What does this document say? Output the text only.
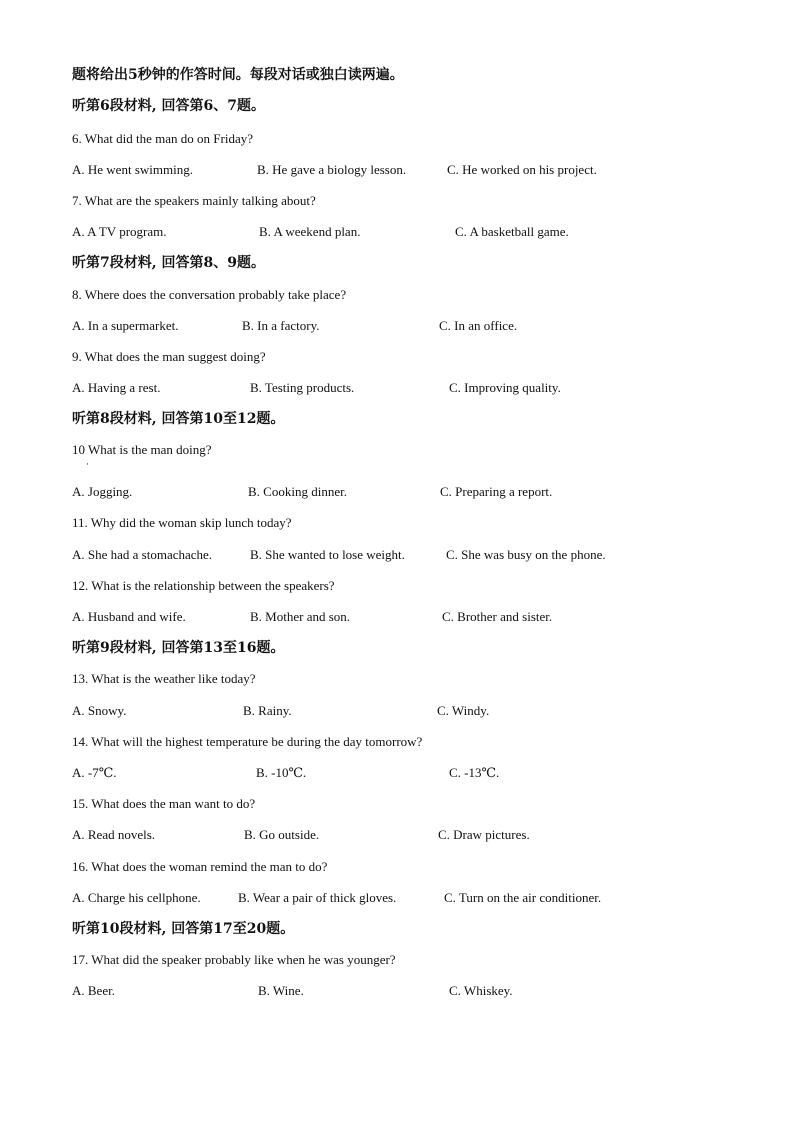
题将给出5秒钟的作答时间。每段对话或独白读两遍。
听第6段材料, 回答第6、7题。
6. What did the man do on Friday?
A. He went swimming.	B. He gave a biology lesson.	C. He worked on his project.
7. What are the speakers mainly talking about?
A. A TV program.	B. A weekend plan.	C. A basketball game.
听第7段材料, 回答第8、9题。
8. Where does the conversation probably take place?
A. In a supermarket.	B. In a factory.	C. In an office.
9. What does the man suggest doing?
A. Having a rest.	B. Testing products.	C. Improving quality.
听第8段材料, 回答第10至12题。
10 What is the man doing?
·
A. Jogging.	B. Cooking dinner.	C. Preparing a report.
11. Why did the woman skip lunch today?
A. She had a stomachache.	B. She wanted to lose weight.	C. She was busy on the phone.
12. What is the relationship between the speakers?
A. Husband and wife.	B. Mother and son.	C. Brother and sister.
听第9段材料, 回答第13至16题。
13. What is the weather like today?
A. Snowy.	B. Rainy.	C. Windy.
14. What will the highest temperature be during the day tomorrow?
A. -7℃.	B. -10℃.	C. -13℃.
15. What does the man want to do?
A. Read novels.	B. Go outside.	C. Draw pictures.
16. What does the woman remind the man to do?
A. Charge his cellphone.	B. Wear a pair of thick gloves.	C. Turn on the air conditioner.
听第10段材料, 回答第17至20题。
17. What did the speaker probably like when he was younger?
A. Beer.	B. Wine.	C. Whiskey.
